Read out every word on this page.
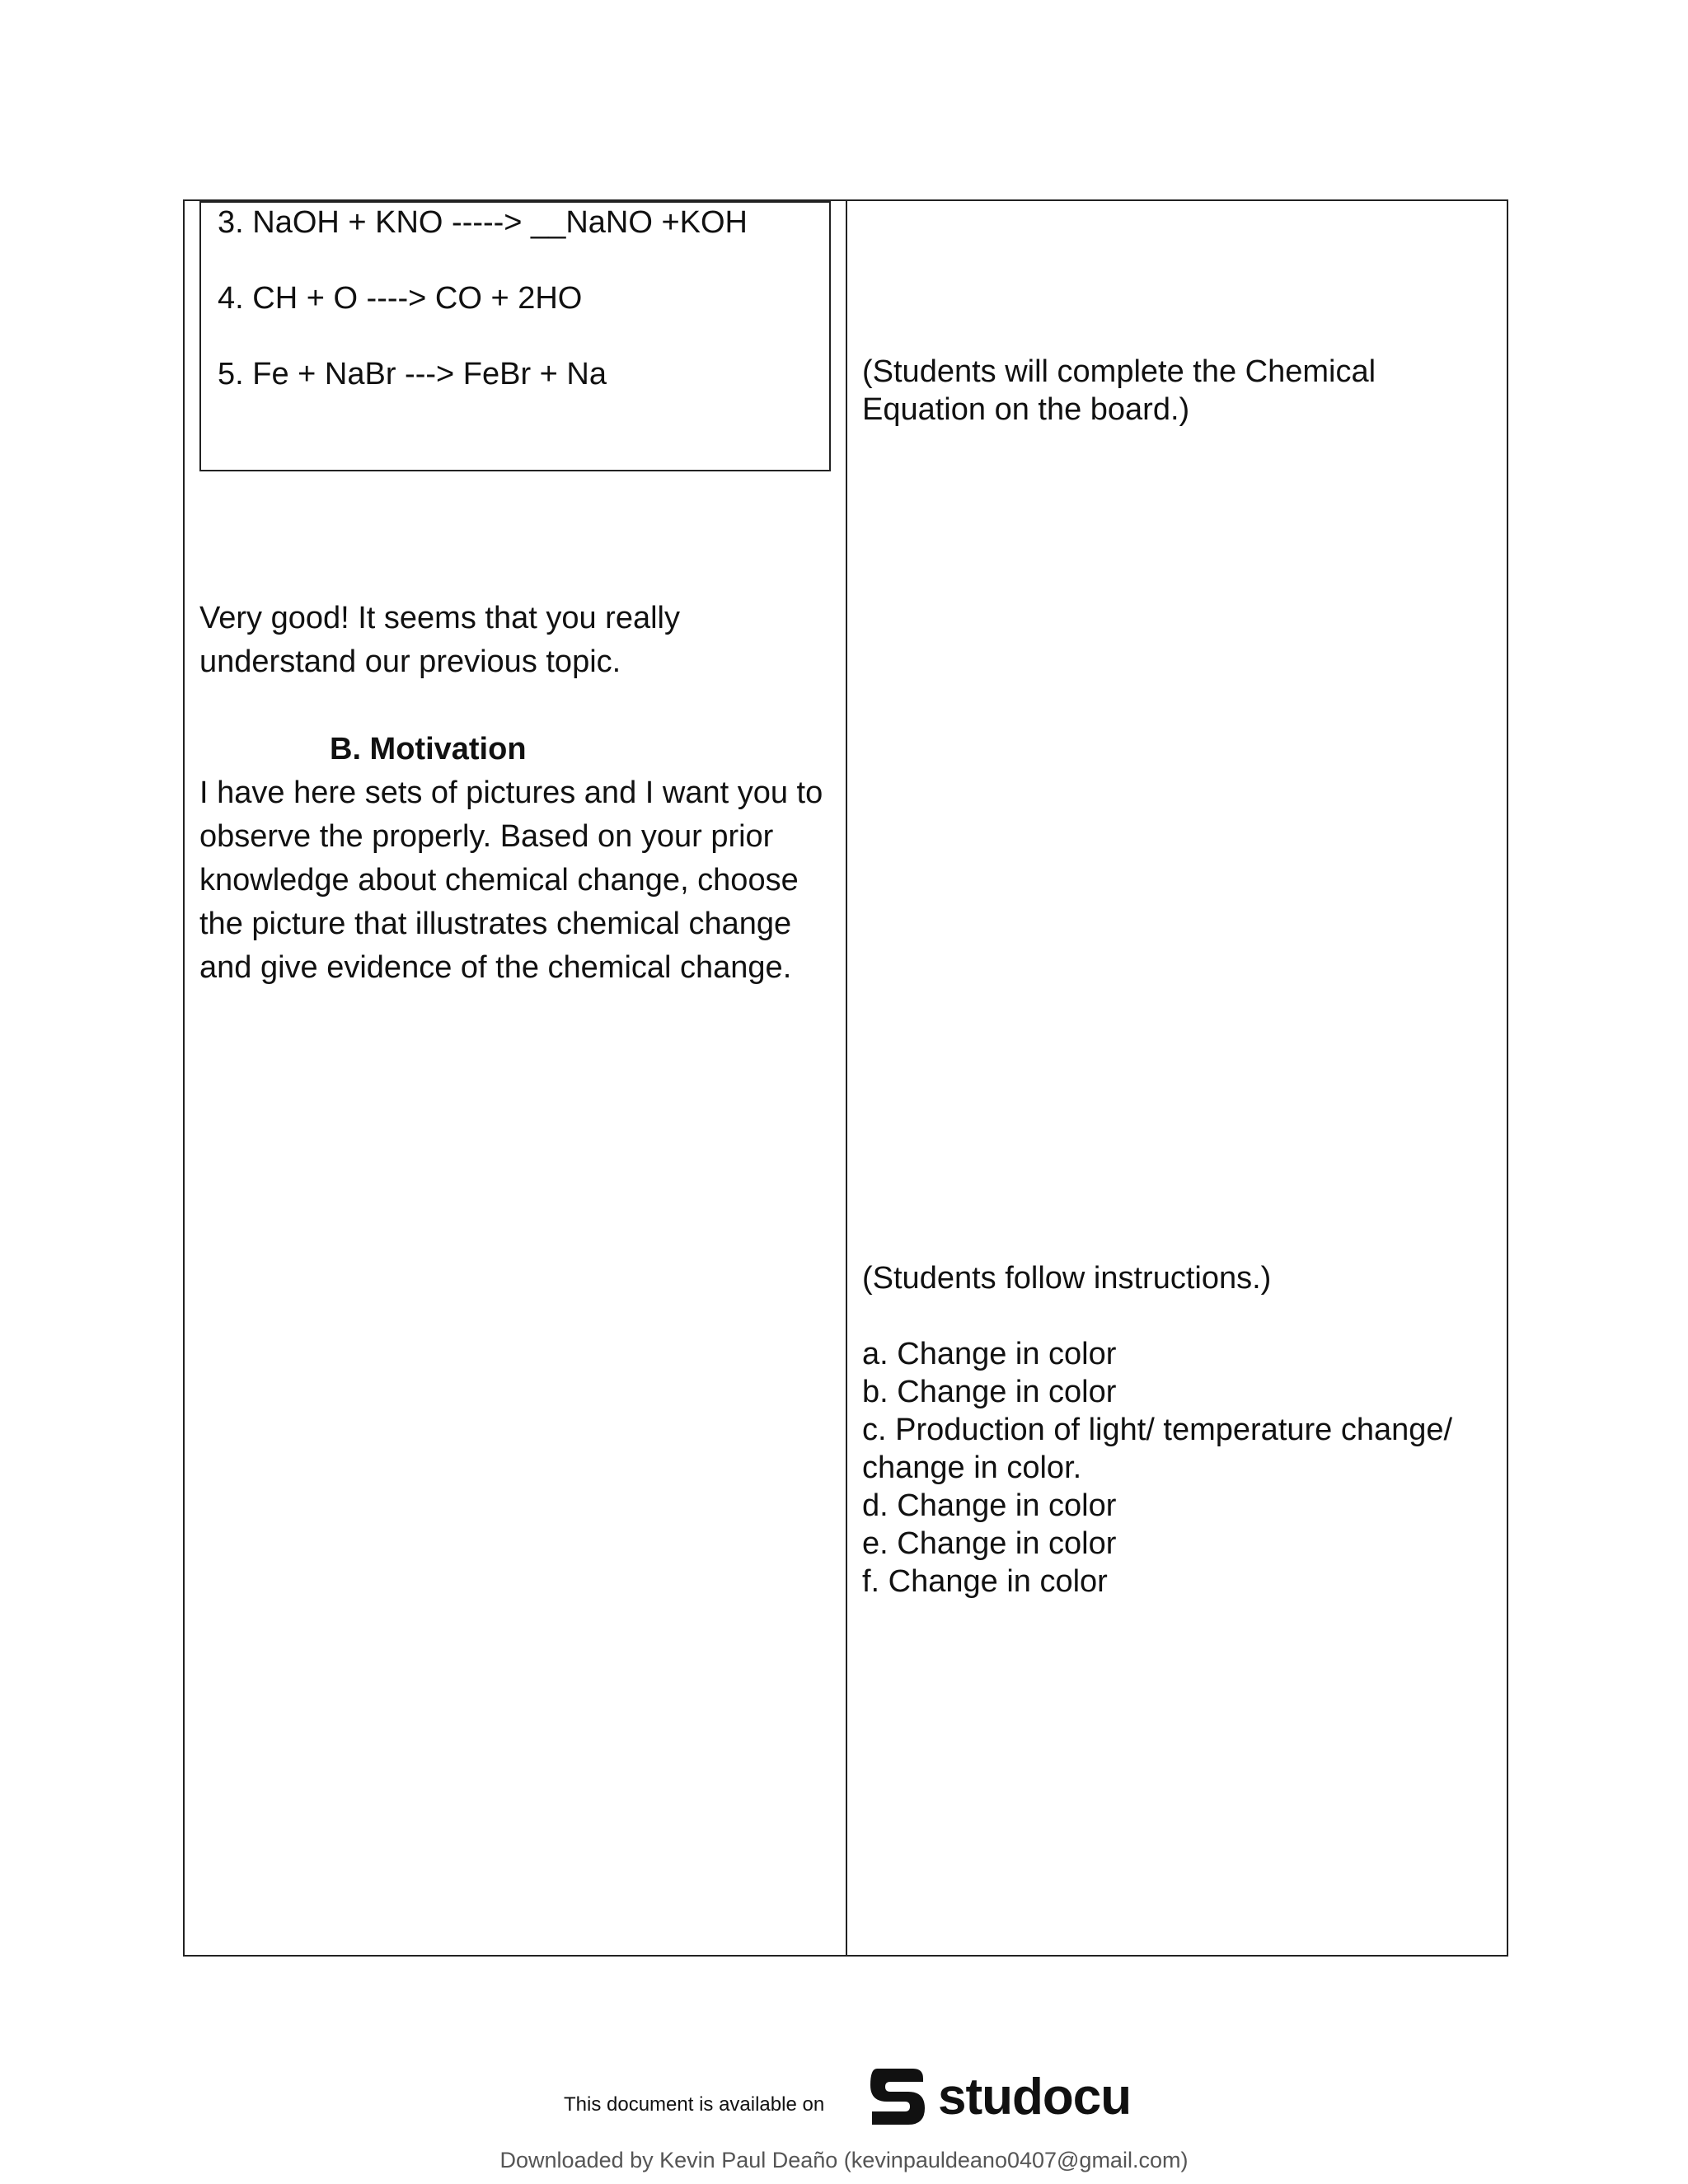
3. NaOH + KNO -----> __NaNO +KOH
4. CH + O ----> CO + 2HO
5. Fe + NaBr ---> FeBr + Na
Very good! It seems that you really understand our previous topic.
B. Motivation
I have here sets of pictures and I want you to observe the properly. Based on your prior knowledge about chemical change, choose the picture that illustrates chemical change and give evidence of the chemical change.
(Students will complete the Chemical Equation on the board.)
(Students follow instructions.)
a. Change in color
b. Change in color
c. Production of light/ temperature change/ change in color.
d. Change in color
e. Change in color
f. Change in color
This document is available on studocu
Downloaded by Kevin Paul Deaño (kevinpauldeano0407@gmail.com)
